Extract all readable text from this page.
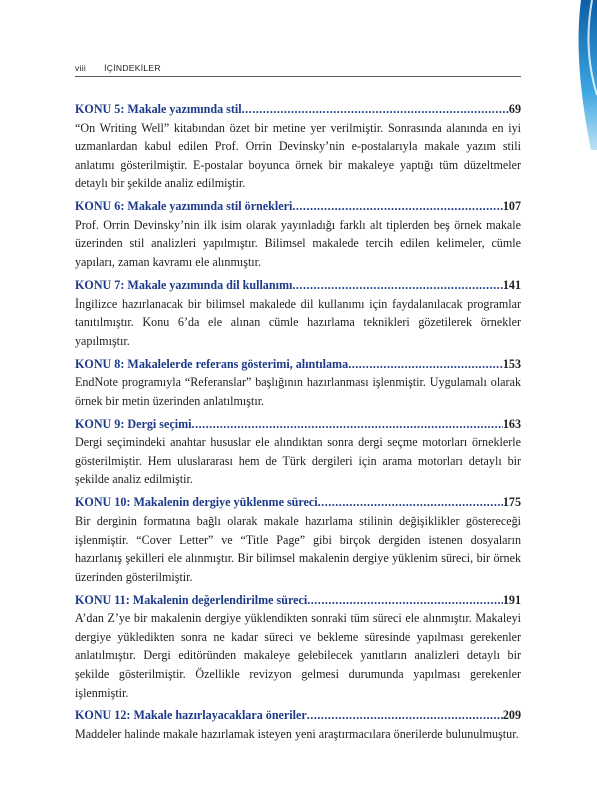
viii İÇİNDEKİLER
KONU 5: Makale yazımında stil .....	69
“On Writing Well” kitabından özet bir metine yer verilmiştir. Sonrasında alanında en iyi uzmanlardan kabul edilen Prof. Orrin Devinsky’nin e-postalarıyla makale yazım stili anlatımı gösterilmiştir. E-postalar boyunca örnek bir makaleye yaptığı tüm düzeltmeler detaylı bir şekilde analiz edilmiştir.
KONU 6: Makale yazımında stil örnekleri .....	107
Prof. Orrin Devinsky’nin ilk isim olarak yayınladığı farklı alt tiplerden beş örnek makale üzerinden stil analizleri yapılmıştır. Bilimsel makalede tercih edilen kelimeler, cümle yapıları, zaman kavramı ele alınmıştır.
KONU 7: Makale yazımında dil kullanımı .....	141
İngilizce hazırlanacak bir bilimsel makalede dil kullanımı için faydalanılacak programlar tanıtılmıştır. Konu 6’da ele alınan cümle hazırlama teknikleri gözetilerek örnekler yapılmıştır.
KONU 8: Makalelerde referans gösterimi, alıntılama .....	153
EndNote programıyla “Referanslar” başlığının hazırlanması işlenmiştir. Uygulamalı olarak örnek bir metin üzerinden anlatılmıştır.
KONU 9: Dergi seçimi .....	163
Dergi seçimindeki anahtar hususlar ele alındıktan sonra dergi seçme motorları örneklerle gösterilmiştir. Hem uluslararası hem de Türk dergileri için arama motorları detaylı bir şekilde analiz edilmiştir.
KONU 10: Makalenin dergiye yüklenme süreci .....	175
Bir derginin formatına bağlı olarak makale hazırlama stilinin değişiklikler göstereceği işlenmiştir. “Cover Letter” ve “Title Page” gibi birçok dergiden istenen dosyaların hazırlanış şekilleri ele alınmıştır. Bir bilimsel makalenin dergiye yüklenim süreci, bir örnek üzerinden gösterilmiştir.
KONU 11: Makalenin değerlendirilme süreci .....	191
A’dan Z’ye bir makalenin dergiye yüklendikten sonraki tüm süreci ele alınmıştır. Makaleyi dergiye yükledikten sonra ne kadar süreci ve bekleme süresinde yapılması gerekenler anlatılmıştır. Dergi editöründen makaleye gelebilecek yanıtların analizleri detaylı bir şekilde gösterilmiştir. Özellikle revizyon gelmesi durumunda yapılması gerekenler işlenmiştir.
KONU 12: Makale hazırlayacaklara öneriler .....	209
Maddeler halinde makale hazırlamak isteyen yeni araştırmacılara önerilerde bulunulmuştur.
